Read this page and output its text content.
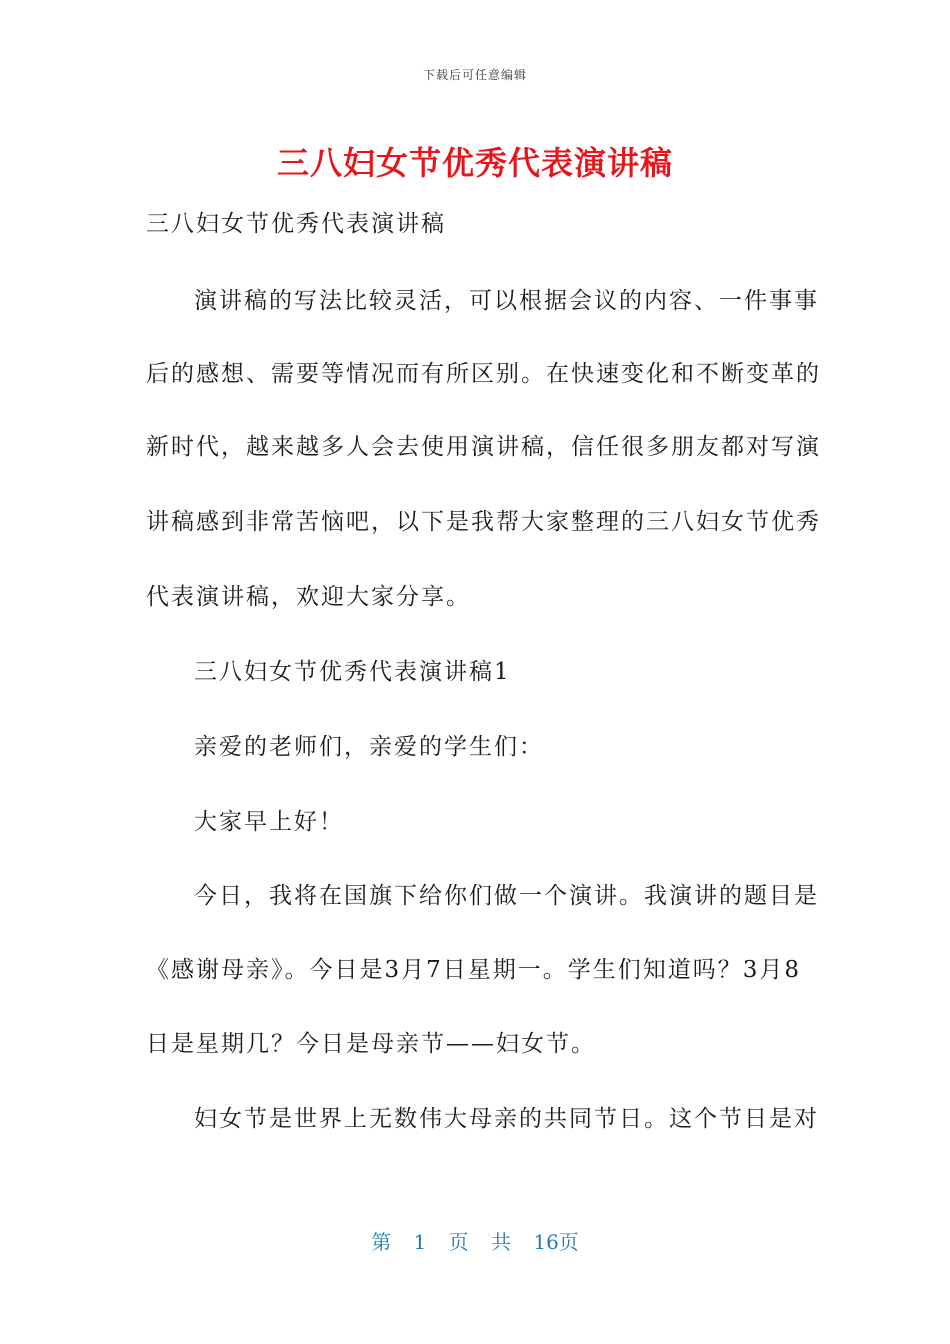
下载后可任意编辑
三八妇女节优秀代表演讲稿
三八妇女节优秀代表演讲稿
演讲稿的写法比较灵活，可以根据会议的内容、一件事事
后的感想、需要等情况而有所区别。在快速变化和不断变革的
新时代，越来越多人会去使用演讲稿，信任很多朋友都对写演
讲稿感到非常苦恼吧，以下是我帮大家整理的三八妇女节优秀
代表演讲稿，欢迎大家分享。
三八妇女节优秀代表演讲稿1
亲爱的老师们，亲爱的学生们：
大家早上好！
今日，我将在国旗下给你们做一个演讲。我演讲的题目是
《感谢母亲》。今日是3月7日星期一。学生们知道吗？3月8
日是星期几？今日是母亲节——妇女节。
妇女节是世界上无数伟大母亲的共同节日。这个节日是对
第 1 页 共 16页
